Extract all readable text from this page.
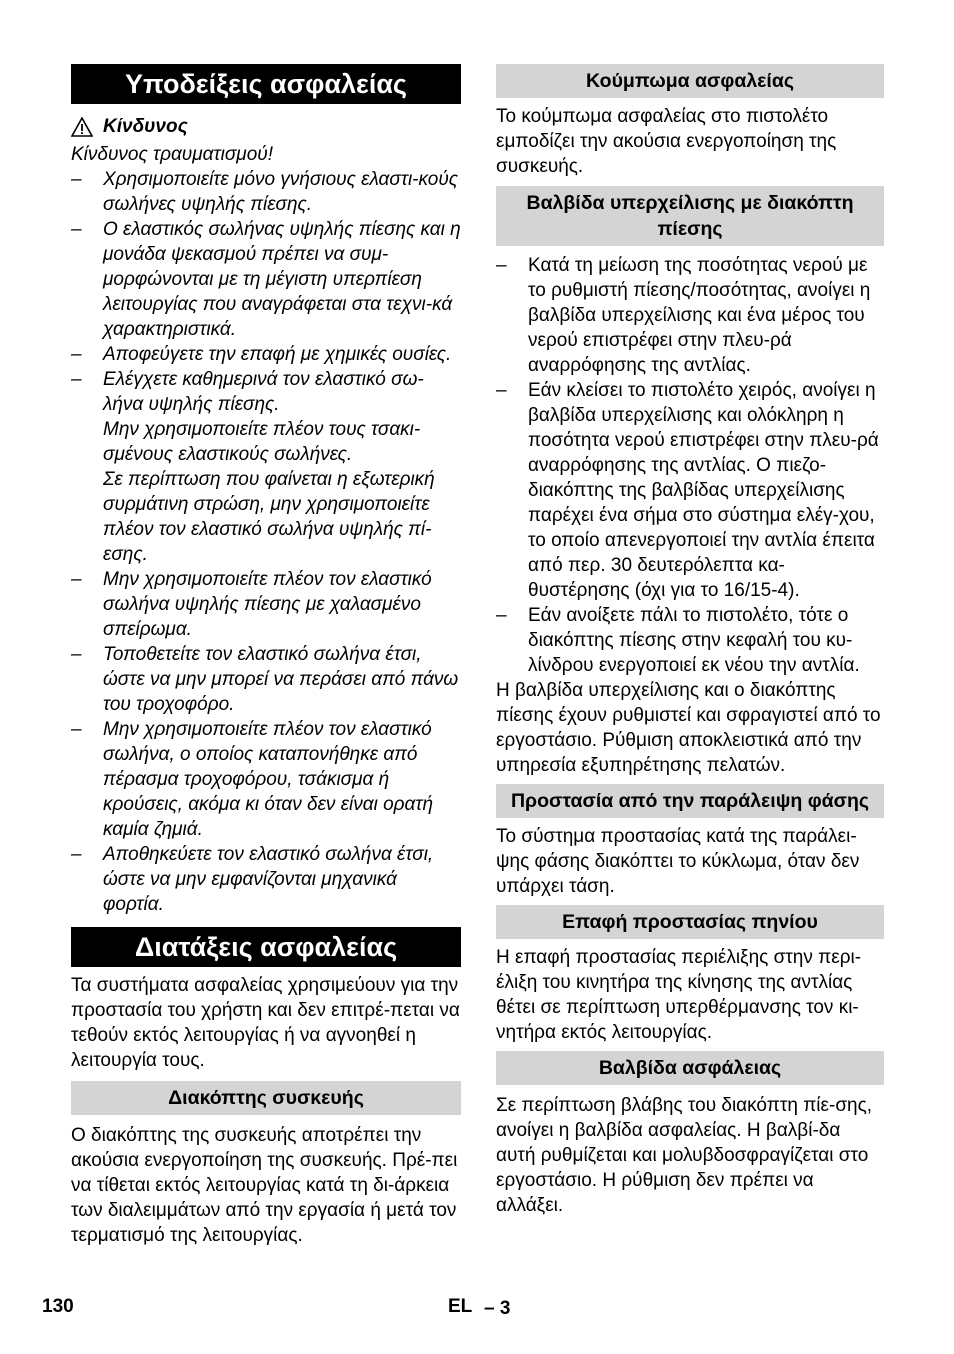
Υποδείξεις ασφαλείας
Κίνδυνος

Κίνδυνος τραυματισμού!

–	Χρησιμοποιείτε μόνο γνήσιους ελαστι-κούς σωλήνες υψηλής πίεσης.
–	Ο ελαστικός σωλήνας υψηλής πίεσης και η μονάδα ψεκασμού πρέπει να συμ-μορφώνονται με τη μέγιστη υπερπίεση λειτουργίας που αναγράφεται στα τεχνι-κά χαρακτηριστικά.
–	Αποφεύγετε την επαφή με χημικές ουσίες.
–	Ελέγχετε καθημερινά τον ελαστικό σω-λήνα υψηλής πίεσης.
Μην χρησιμοποιείτε πλέον τους τσακι-σμένους ελαστικούς σωλήνες.
Σε περίπτωση που φαίνεται η εξωτερική συρμάτινη στρώση, μην χρησιμοποιείτε πλέον τον ελαστικό σωλήνα υψηλής πί-εσης.
–	Μην χρησιμοποιείτε πλέον τον ελαστικό σωλήνα υψηλής πίεσης με χαλασμένο σπείρωμα.
–	Τοποθετείτε τον ελαστικό σωλήνα έτσι, ώστε να μην μπορεί να περάσει από πάνω του τροχοφόρο.
–	Μην χρησιμοποιείτε πλέον τον ελαστικό σωλήνα, ο οποίος καταπονήθηκε από πέρασμα τροχοφόρου, τσάκισμα ή κρούσεις, ακόμα κι όταν δεν είναι ορατή καμία ζημιά.
–	Αποθηκεύετε τον ελαστικό σωλήνα έτσι, ώστε να μην εμφανίζονται μηχανικά φορτία.
Διατάξεις ασφαλείας

Τα συστήματα ασφαλείας χρησιμεύουν για την προστασία του χρήστη και δεν επιτρέ-πεται να τεθούν εκτός λειτουργίας ή να αγνοηθεί η λειτουργία τους.

Διακόπτης συσκευής

Ο διακόπτης της συσκευής αποτρέπει την ακούσια ενεργοποίηση της συσκευής. Πρέ-πει να τίθεται εκτός λειτουργίας κατά τη δι-άρκεια των διαλειμμάτων από την εργασία ή μετά τον τερματισμό της λειτουργίας.

Κούμπωμα ασφαλείας

Το κούμπωμα ασφαλείας στο πιστολέτο εμποδίζει την ακούσια ενεργοποίηση της συσκευής.

Βαλβίδα υπερχείλισης με διακόπτη πίεσης
–	Κατά τη μείωση της ποσότητας νερού με το ρυθμιστή πίεσης/ποσότητας, ανοίγει η βαλβίδα υπερχείλισης και ένα μέρος του νερού επιστρέφει στην πλευ-ρά αναρρόφησης της αντλίας.
–	Εάν κλείσει το πιστολέτο χειρός, ανοίγει η βαλβίδα υπερχείλισης και ολόκληρη η ποσότητα νερού επιστρέφει στην πλευ-ρά αναρρόφησης της αντλίας. Ο πιεζο-διακόπτης της βαλβίδας υπερχείλισης παρέχει ένα σήμα στο σύστημα ελέγ-χου, το οποίο απενεργοποιεί την αντλία έπειτα από περ. 30 δευτερόλεπτα κα-θυστέρησης (όχι για το 16/15-4).
–	Εάν ανοίξετε πάλι το πιστολέτο, τότε ο διακόπτης πίεσης στην κεφαλή του κυ-λίνδρου ενεργοποιεί εκ νέου την αντλία.

Η βαλβίδα υπερχείλισης και ο διακόπτης πίεσης έχουν ρυθμιστεί και σφραγιστεί από το εργοστάσιο. Ρύθμιση αποκλειστικά από την υπηρεσία εξυπηρέτησης πελατών.

Προστασία από την παράλειψη φάσης

Το σύστημα προστασίας κατά της παράλει-ψης φάσης διακόπτει το κύκλωμα, όταν δεν υπάρχει τάση.

Επαφή προστασίας πηνίου

Η επαφή προστασίας περιέλιξης στην περι-έλιξη του κινητήρα της κίνησης της αντλίας θέτει σε περίπτωση υπερθέρμανσης τον κι-νητήρα εκτός λειτουργίας.

Βαλβίδα ασφάλειας

Σε περίπτωση βλάβης του διακόπτη πίε-σης, ανοίγει η βαλβίδα ασφαλείας. Η βαλβί-δα αυτή ρυθμίζεται και μολυβδοσφραγίζεται στο εργοστάσιο. Η ρύθμιση δεν πρέπει να αλλάξει.

130	EL – 3
